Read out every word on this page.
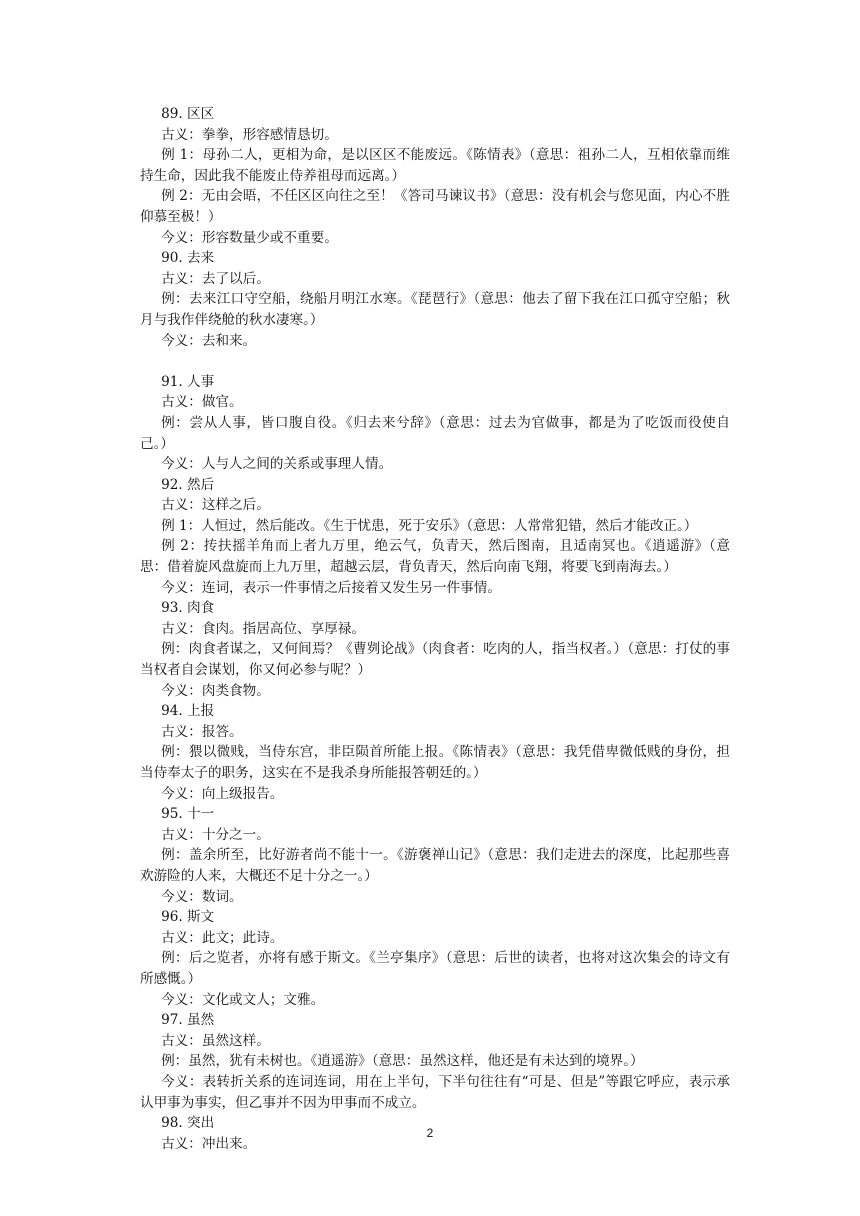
89. 区区

古义：拳拳，形容感情恳切。

例 1：母孙二人，更相为命，是以区区不能废远。《陈情表》（意思：祖孙二人，互相依靠而维持生命，因此我不能废止侍养祖母而远离。）

例 2：无由会晤，不任区区向往之至！《答司马谏议书》（意思：没有机会与您见面，内心不胜仰慕至极！）

今义：形容数量少或不重要。

90. 去来

古义：去了以后。

例：去来江口守空船，绕船月明江水寒。《琵琶行》（意思：他去了留下我在江口孤守空船；秋月与我作伴绕舱的秋水凄寒。）

今义：去和来。

91. 人事

古义：做官。

例：尝从人事，皆口腹自役。《归去来兮辞》（意思：过去为官做事，都是为了吃饭而役使自己。）

今义：人与人之间的关系或事理人情。

92. 然后

古义：这样之后。

例 1：人恒过，然后能改。《生于忧患，死于安乐》（意思：人常常犯错，然后才能改正。）

例 2：抟扶摇羊角而上者九万里，绝云气，负青天，然后图南，且适南冥也。《逍遥游》（意思：借着旋风盘旋而上九万里，超越云层，背负青天，然后向南飞翔，将要飞到南海去。）

今义：连词，表示一件事情之后接着又发生另一件事情。

93. 肉食

古义：食肉。指居高位、享厚禄。

例：肉食者谋之，又何间焉？《曹刿论战》（肉食者：吃肉的人，指当权者。）（意思：打仗的事当权者自会谋划，你又何必参与呢？）

今义：肉类食物。

94. 上报

古义：报答。

例：猥以微贱，当侍东宫，非臣陨首所能上报。《陈情表》（意思：我凭借卑微低贱的身份，担当侍奉太子的职务，这实在不是我杀身所能报答朝廷的。）

今义：向上级报告。

95. 十一

古义：十分之一。

例：盖余所至，比好游者尚不能十一。《游褒禅山记》（意思：我们走进去的深度，比起那些喜欢游险的人来，大概还不足十分之一。）

今义：数词。

96. 斯文

古义：此文；此诗。

例：后之览者，亦将有感于斯文。《兰亭集序》（意思：后世的读者，也将对这次集会的诗文有所感慨。）

今义：文化或文人；文雅。

97. 虽然

古义：虽然这样。

例：虽然，犹有未树也。《逍遥游》（意思：虽然这样，他还是有未达到的境界。）

今义：表转折关系的连词连词，用在上半句，下半句往往有“可是、但是”等跟它呼应，表示承认甲事为事实，但乙事并不因为甲事而不成立。

98. 突出

古义：冲出来。

2
